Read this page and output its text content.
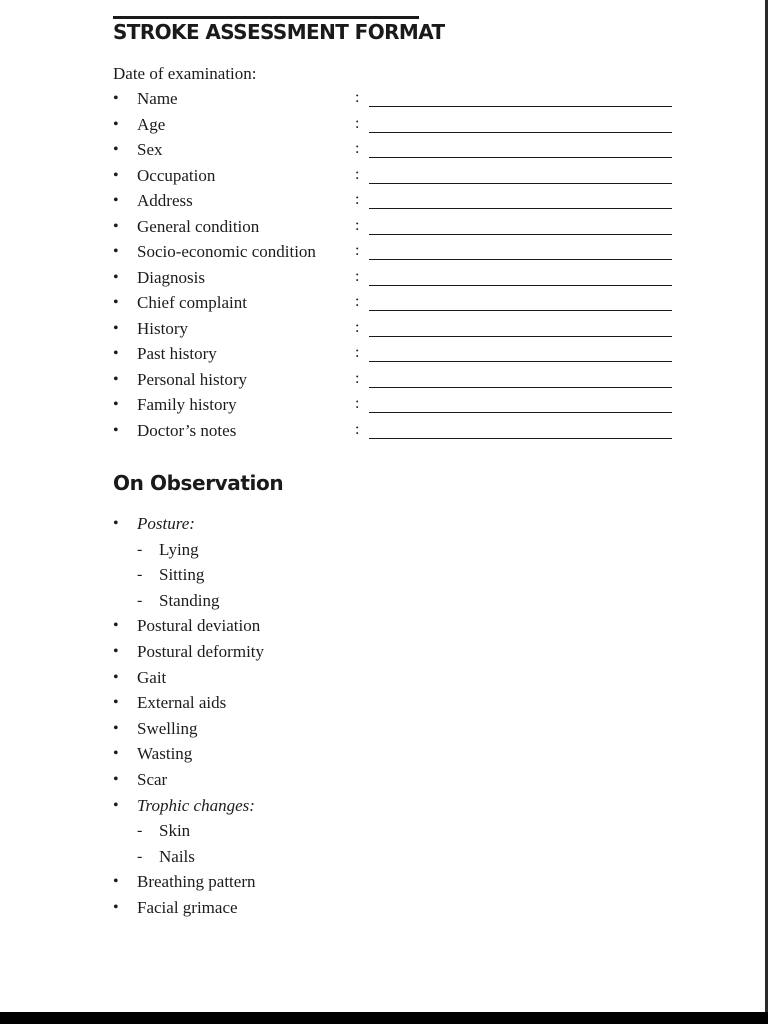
STROKE ASSESSMENT FORMAT
Date of examination:
• Name	:
• Age	:
• Sex	:
• Occupation	:
• Address	:
• General condition	:
• Socio-economic condition :
• Diagnosis	:
• Chief complaint	:
• History	:
• Past history	:
• Personal history	:
• Family history	:
• Doctor’s notes	:
On Observation
• Posture:
- Lying
- Sitting
- Standing
• Postural deviation
• Postural deformity
• Gait
• External aids
• Swelling
• Wasting
• Scar
• Trophic changes:
- Skin
- Nails
• Breathing pattern
• Facial grimace
